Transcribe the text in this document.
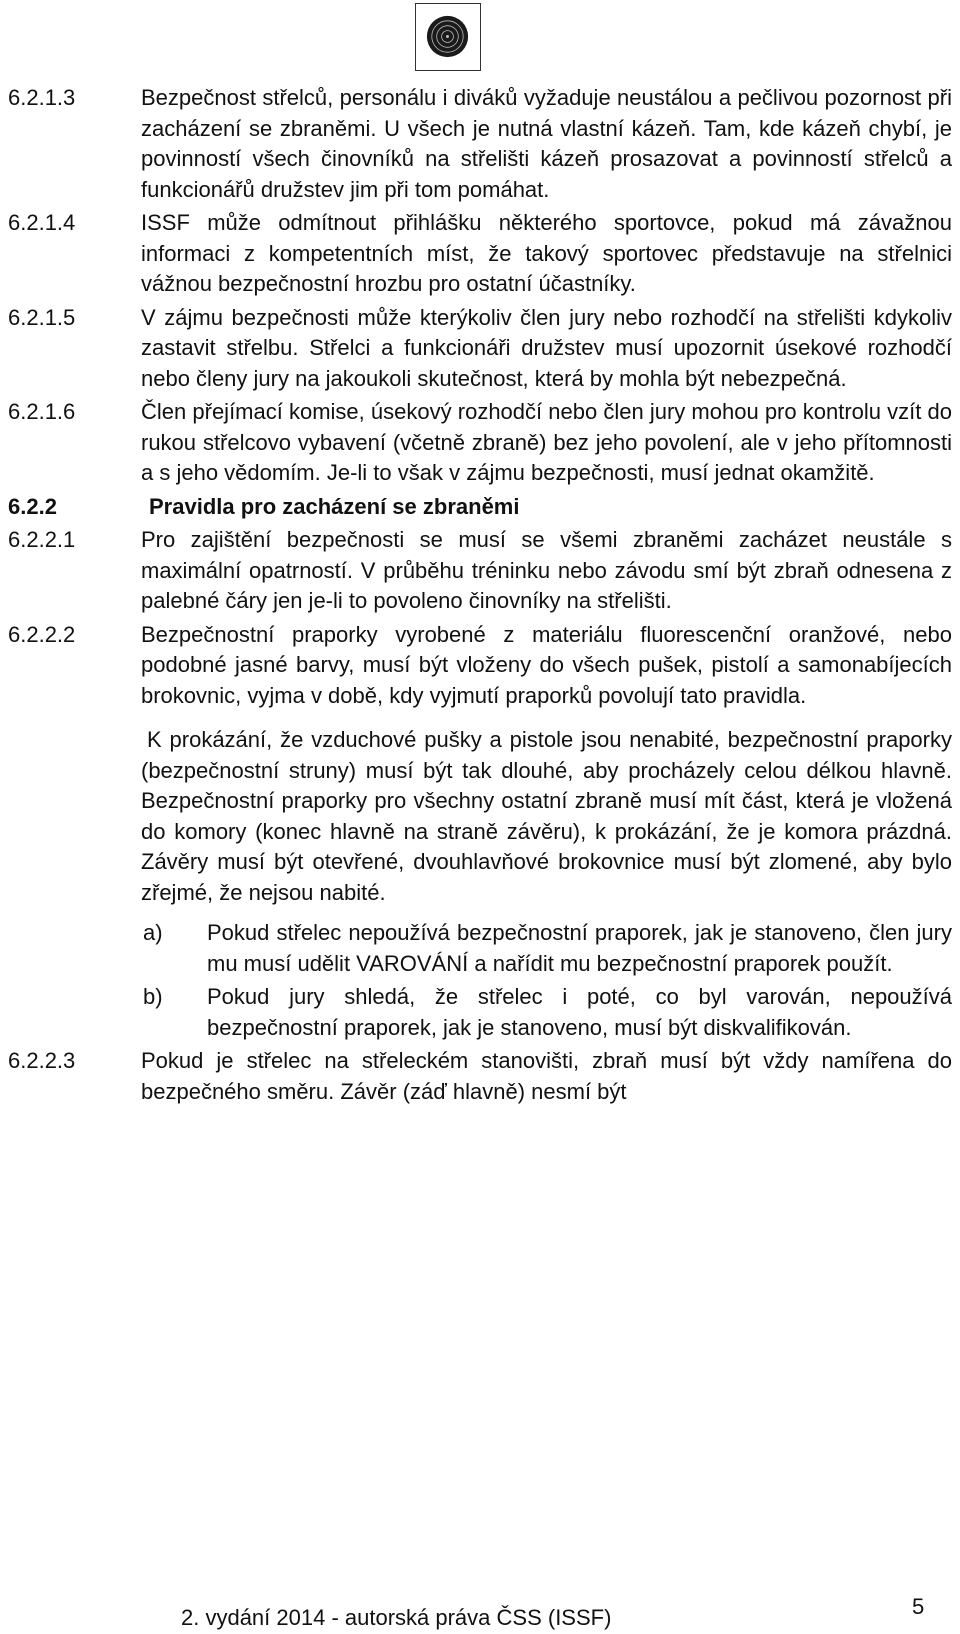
6.2.1.3	Bezpečnost střelců, personálu i diváků vyžaduje neustálou a pečlivou pozornost při zacházení se zbraněmi. U všech je nutná vlastní kázeň. Tam, kde kázeň chybí, je povinností všech činovníků na střelišti kázeň prosazovat a povinností střelců a funkcionářů družstev jim při tom pomáhat.
6.2.1.4	ISSF může odmítnout přihlášku některého sportovce, pokud má závažnou informaci z kompetentních míst, že takový sportovec představuje na střelnici vážnou bezpečnostní hrozbu pro ostatní účastníky.
6.2.1.5	V zájmu bezpečnosti může kterýkoliv člen jury nebo rozhodčí na střelišti kdykoliv zastavit střelbu. Střelci a funkcionáři družstev musí upozornit úsekové rozhodčí nebo členy jury na jakoukoli skutečnost, která by mohla být nebezpečná.
6.2.1.6	Člen přejímací komise, úsekový rozhodčí nebo člen jury mohou pro kontrolu vzít do rukou střelcovo vybavení (včetně zbraně) bez jeho povolení, ale v jeho přítomnosti a s jeho vědomím. Je-li to však v zájmu bezpečnosti, musí jednat okamžitě.
6.2.2	Pravidla pro zacházení se zbraněmi
6.2.2.1	Pro zajištění bezpečnosti se musí se všemi zbraněmi zacházet neustále s maximální opatrností. V průběhu tréninku nebo závodu smí být zbraň odnesena z palebné čáry jen je-li to povoleno činovníky na střelišti.
6.2.2.2	Bezpečnostní praporky vyrobené z materiálu fluorescenční oranžové, nebo podobné jasné barvy, musí být vloženy do všech pušek, pistolí a samonabíjecích brokovnic, vyjma v době, kdy vyjmutí praporků povolují tato pravidla.
K prokázání, že vzduchové pušky a pistole jsou nenabité, bezpečnostní praporky (bezpečnostní struny) musí být tak dlouhé, aby procházely celou délkou hlavně. Bezpečnostní praporky pro všechny ostatní zbraně musí mít část, která je vložená do komory (konec hlavně na straně závěru), k prokázání, že je komora prázdná. Závěry musí být otevřené, dvouhlavňové brokovnice musí být zlomené, aby bylo zřejmé, že nejsou nabité.
a)	Pokud střelec nepoužívá bezpečnostní praporek, jak je stanoveno, člen jury mu musí udělit VAROVÁNÍ a nařídit mu bezpečnostní praporek použít.
b)	Pokud jury shledá, že střelec i poté, co byl varován, nepoužívá bezpečnostní praporek, jak je stanoveno, musí být diskvalifikován.
6.2.2.3	Pokud je střelec na střeleckém stanovišti, zbraň musí být vždy namířena do bezpečného směru. Závěr (záď hlavně) nesmí být
2. vydání 2014 - autorská práva ČSS (ISSF)	5
